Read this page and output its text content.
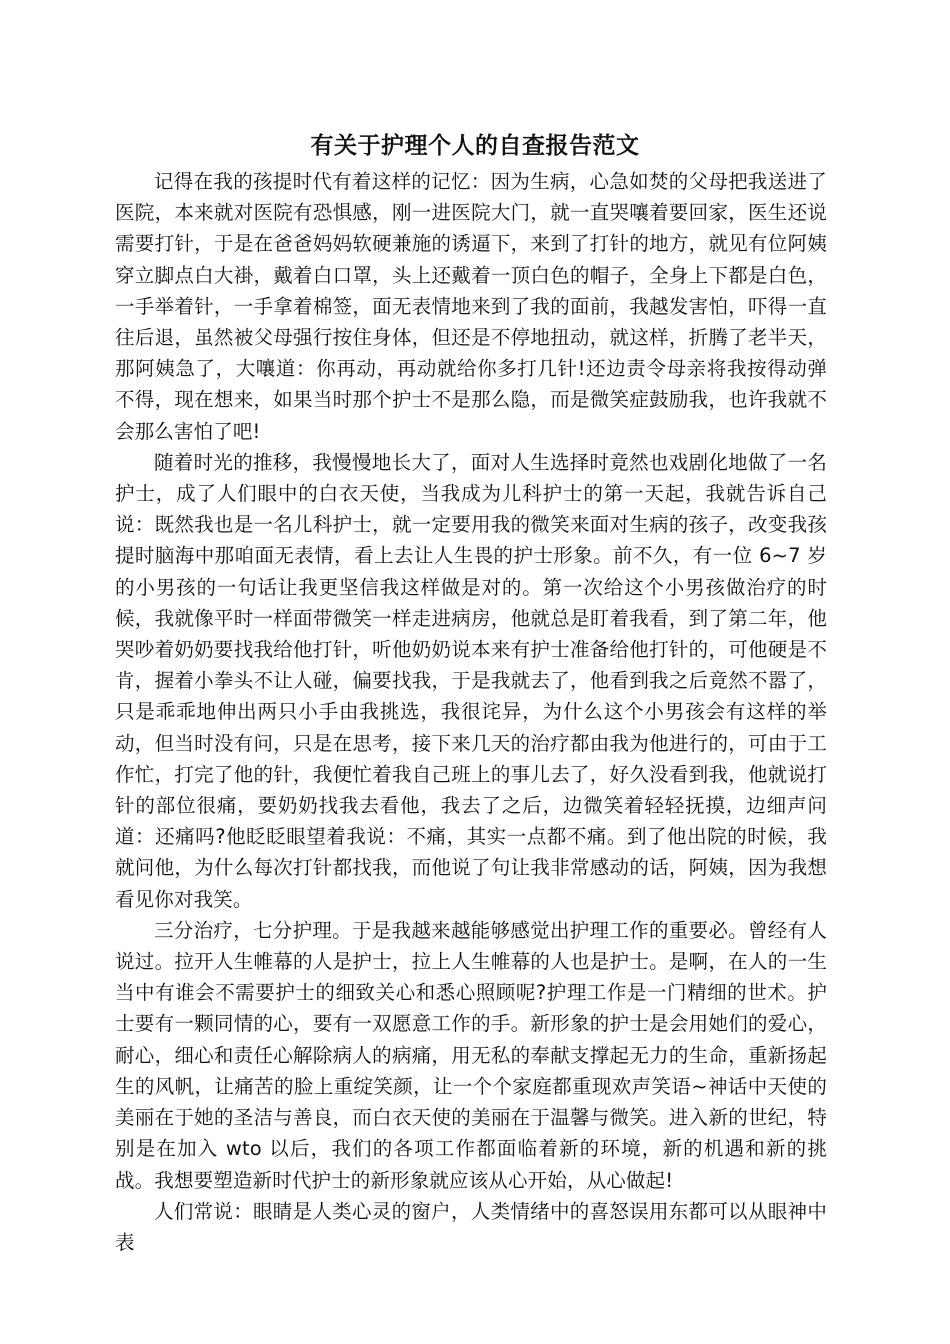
有关于护理个人的自查报告范文

记得在我的孩提时代有着这样的记忆：因为生病，心急如焚的父母把我送进了医院，本来就对医院有恐惧感，刚一进医院大门，就一直哭嚷着要回家，医生还说需要打针，于是在爸爸妈妈软硬兼施的诱逼下，来到了打针的地方，就见有位阿姨穿立脚点白大褂，戴着白口罩，头上还戴着一顶白色的帽子，全身上下都是白色，一手举着针，一手拿着棉签，面无表情地来到了我的面前，我越发害怕，吓得一直往后退，虽然被父母强行按住身体，但还是不停地扭动，就这样，折腾了老半天，那阿姨急了，大嚷道：你再动，再动就给你多打几针!还边责令母亲将我按得动弹不得，现在想来，如果当时那个护士不是那么隐，而是微笑症鼓励我，也许我就不会那么害怕了吧!

随着时光的推移，我慢慢地长大了，面对人生选择时竟然也戏剧化地做了一名护士，成了人们眼中的白衣天使，当我成为儿科护士的第一天起，我就告诉自己说：既然我也是一名儿科护士，就一定要用我的微笑来面对生病的孩子，改变我孩提时脑海中那咱面无表情，看上去让人生畏的护士形象。前不久，有一位 6~7 岁的小男孩的一句话让我更坚信我这样做是对的。第一次给这个小男孩做治疗的时候，我就像平时一样面带微笑一样走进病房，他就总是盯着我看，到了第二年，他哭吵着奶奶要找我给他打针，听他奶奶说本来有护士准备给他打针的，可他硬是不肯，握着小拳头不让人碰，偏要找我，于是我就去了，他看到我之后竟然不嚣了，只是乖乖地伸出两只小手由我挑选，我很诧异，为什么这个小男孩会有这样的举动，但当时没有问，只是在思考，接下来几天的治疗都由我为他进行的，可由于工作忙，打完了他的针，我便忙着我自己班上的事儿去了，好久没看到我，他就说打针的部位很痛，要奶奶找我去看他，我去了之后，边微笑着轻轻抚摸，边细声问道：还痛吗?他眨眨眼望着我说：不痛，其实一点都不痛。到了他出院的时候，我就问他，为什么每次打针都找我，而他说了句让我非常感动的话，阿姨，因为我想看见你对我笑。

三分治疗，七分护理。于是我越来越能够感觉出护理工作的重要必。曾经有人说过。拉开人生帷幕的人是护士，拉上人生帷幕的人也是护士。是啊，在人的一生当中有谁会不需要护士的细致关心和悉心照顾呢?护理工作是一门精细的世术。护士要有一颗同情的心，要有一双愿意工作的手。新形象的护士是会用她们的爱心，耐心，细心和责任心解除病人的病痛，用无私的奉献支撑起无力的生命，重新扬起生的风帆，让痛苦的脸上重绽笑颜，让一个个家庭都重现欢声笑语~神话中天使的美丽在于她的圣洁与善良，而白衣天使的美丽在于温馨与微笑。进入新的世纪，特别是在加入 wto 以后，我们的各项工作都面临着新的环境，新的机遇和新的挑战。我想要塑造新时代护士的新形象就应该从心开始，从心做起!

人们常说：眼睛是人类心灵的窗户，人类情绪中的喜怒误用东都可以从眼神中表
